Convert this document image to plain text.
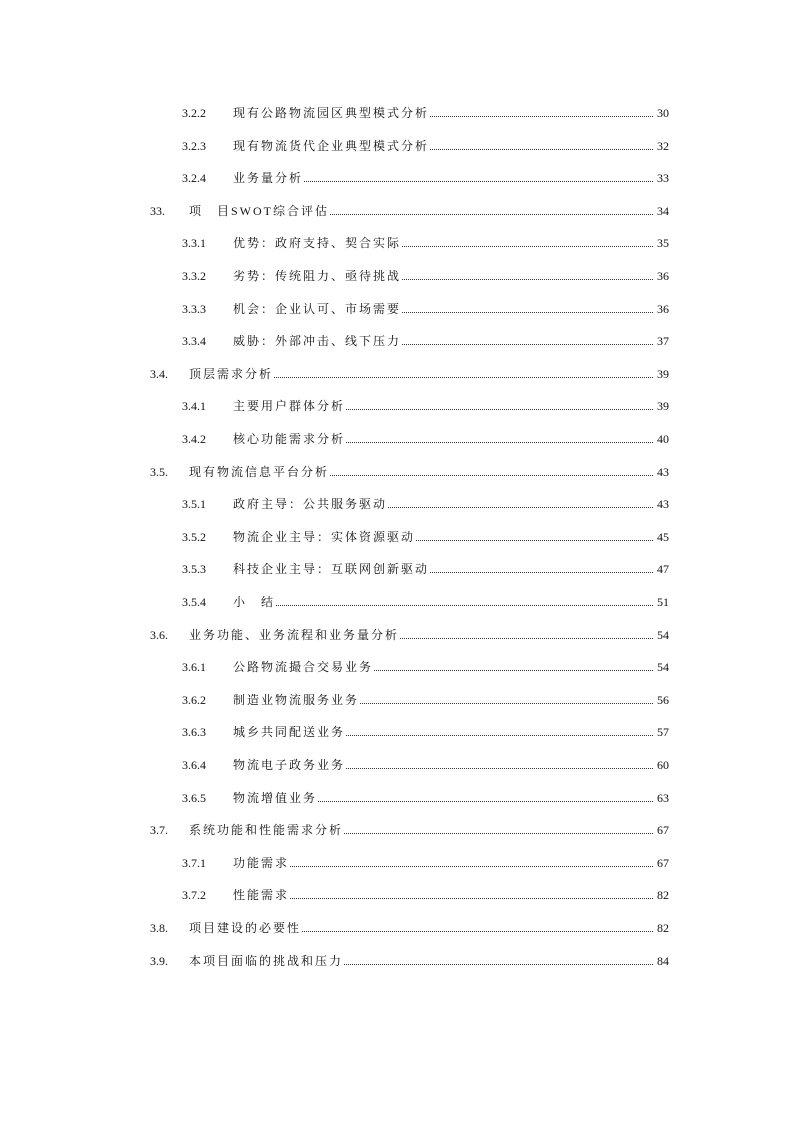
3.2.2 现有公路物流园区典型模式分析	30
3.2.3 现有物流货代企业典型模式分析	32
3.2.4 业务量分析	33
33. 项　目SWOT综合评估	34
3.3.1 优势：政府支持、契合实际	35
3.3.2 劣势：传统阻力、亟待挑战	36
3.3.3 机会：企业认可、市场需要	36
3.3.4 威胁：外部冲击、线下压力	37
3.4. 顶层需求分析	39
3.4.1 主要用户群体分析	39
3.4.2 核心功能需求分析	40
3.5. 现有物流信息平台分析	43
3.5.1 政府主导：公共服务驱动	43
3.5.2 物流企业主导：实体资源驱动	45
3.5.3 科技企业主导：互联网创新驱动	47
3.5.4 小　结	51
3.6. 业务功能、业务流程和业务量分析	54
3.6.1 公路物流撮合交易业务	54
3.6.2 制造业物流服务业务	56
3.6.3 城乡共同配送业务	57
3.6.4 物流电子政务业务	60
3.6.5 物流增值业务	63
3.7. 系统功能和性能需求分析	67
3.7.1 功能需求	67
3.7.2 性能需求	82
3.8. 项目建设的必要性	82
3.9. 本项目面临的挑战和压力	84
